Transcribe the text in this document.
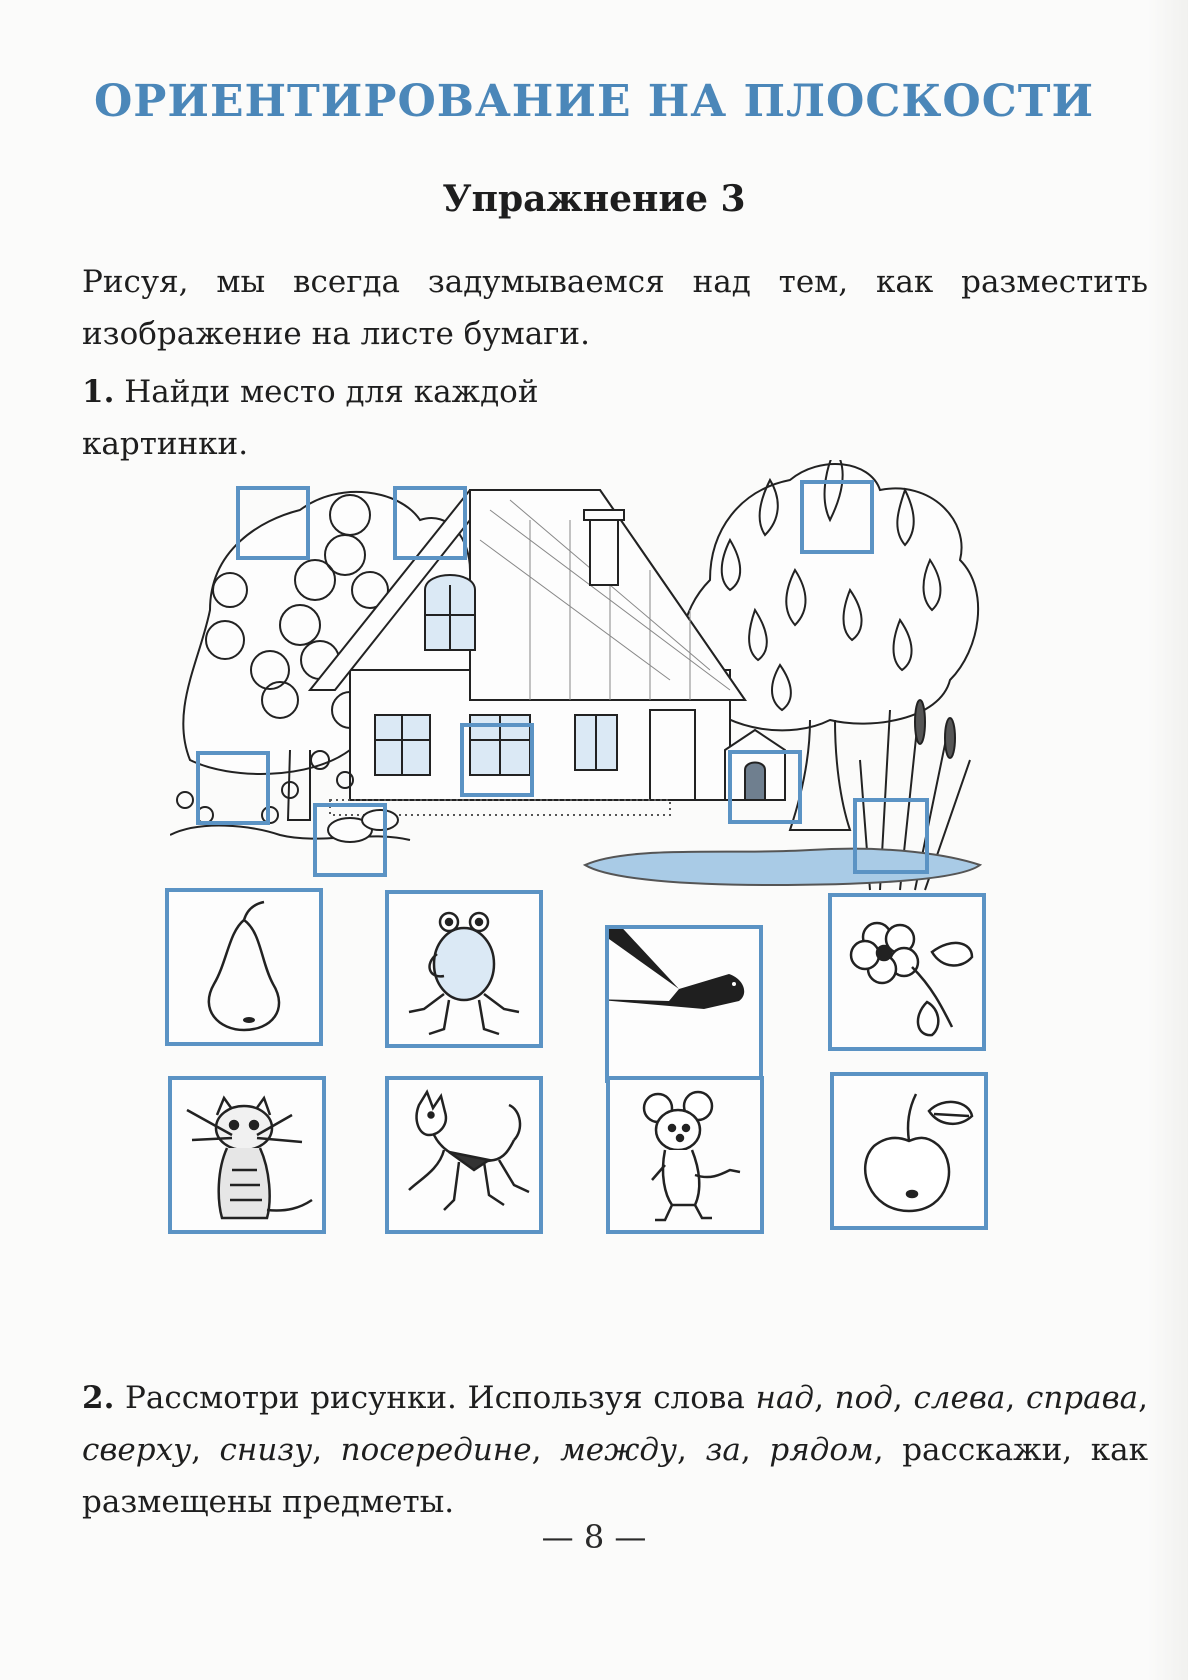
ОРИЕНТИРОВАНИЕ НА ПЛОСКОСТИ
Упражнение 3
Рисуя, мы всегда задумываемся над тем, как разместить изображение на листе бумаги.
1. Найди место для каждой картинки.
2. Рассмотри рисунки. Используя слова над, под, слева, справа, сверху, снизу, посередине, между, за, рядом, расскажи, как размещены предметы.
— 8 —
